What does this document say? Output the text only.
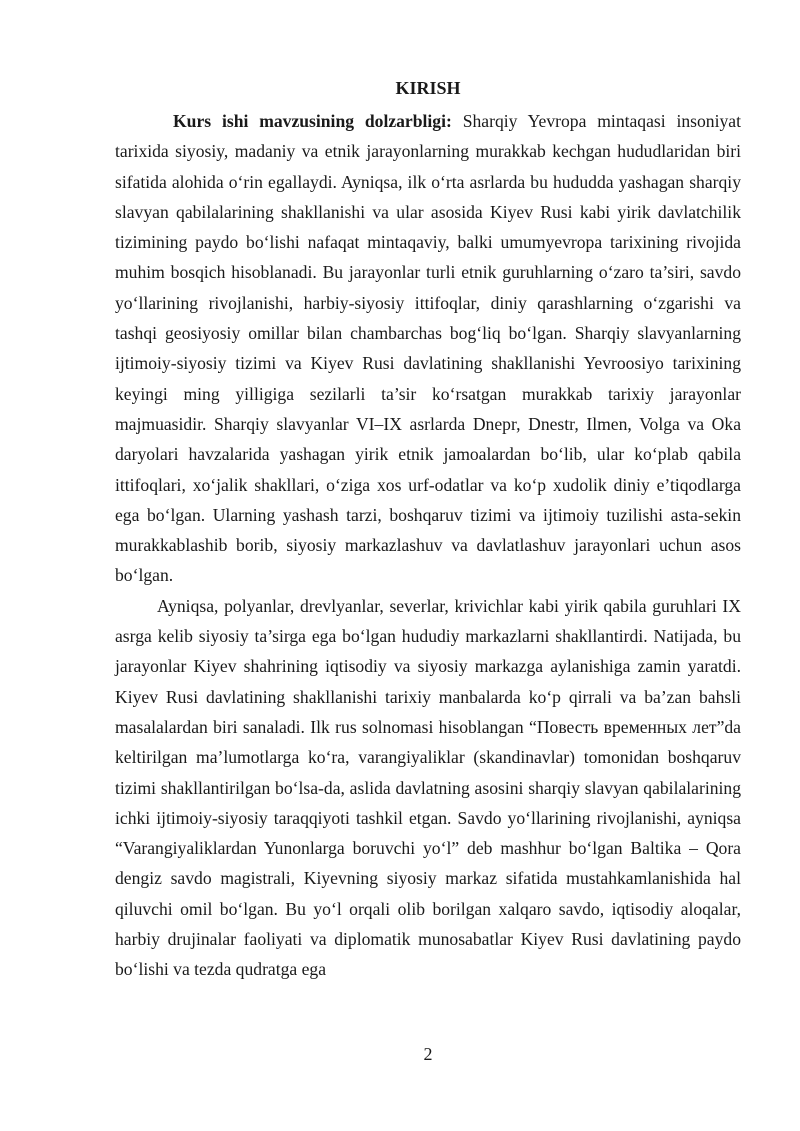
KIRISH

Kurs ishi mavzusining dolzarbligi: Sharqiy Yevropa mintaqasi insoniyat tarixida siyosiy, madaniy va etnik jarayonlarning murakkab kechgan hududlaridan biri sifatida alohida o‘rin egallaydi. Ayniqsa, ilk o‘rta asrlarda bu hududda yashagan sharqiy slavyan qabilalarining shakllanishi va ular asosida Kiyev Rusi kabi yirik davlatchilik tizimining paydo bo‘lishi nafaqat mintaqaviy, balki umumyevropa tarixining rivojida muhim bosqich hisoblanadi. Bu jarayonlar turli etnik guruhlarning o‘zaro ta’siri, savdo yo‘llarining rivojlanishi, harbiy-siyosiy ittifoqlar, diniy qarashlarning o‘zgarishi va tashqi geosiyosiy omillar bilan chambarchas bog‘liq bo‘lgan. Sharqiy slavyanlarning ijtimoiy-siyosiy tizimi va Kiyev Rusi davlatining shakllanishi Yevroosiyo tarixining keyingi ming yilligiga sezilarli ta’sir ko‘rsatgan murakkab tarixiy jarayonlar majmuasidir. Sharqiy slavyanlar VI–IX asrlarda Dnepr, Dnestr, Ilmen, Volga va Oka daryolari havzalarida yashagan yirik etnik jamoalardan bo‘lib, ular ko‘plab qabila ittifoqlari, xo‘jalik shakllari, o‘ziga xos urf-odatlar va ko‘p xudolik diniy e’tiqodlarga ega bo‘lgan. Ularning yashash tarzi, boshqaruv tizimi va ijtimoiy tuzilishi asta-sekin murakkablashib borib, siyosiy markazlashuv va davlatlashuv jarayonlari uchun asos bo‘lgan.

Ayniqsa, polyanlar, drevlyanlar, severlar, krivichlar kabi yirik qabila guruhlari IX asrga kelib siyosiy ta’sirga ega bo‘lgan hududiy markazlarni shakllantirdi. Natijada, bu jarayonlar Kiyev shahrining iqtisodiy va siyosiy markazga aylanishiga zamin yaratdi. Kiyev Rusi davlatining shakllanishi tarixiy manbalarda ko‘p qirrali va ba’zan bahsli masalalardan biri sanaladi. Ilk rus solnomasi hisoblangan “Повесть временных лет”da keltirilgan ma’lumotlarga ko‘ra, varangiyaliklar (skandinavlar) tomonidan boshqaruv tizimi shakllantirilgan bo‘lsa-da, aslida davlatning asosini sharqiy slavyan qabilalarining ichki ijtimoiy-siyosiy taraqqiyoti tashkil etgan. Savdo yo‘llarining rivojlanishi, ayniqsa “Varangiyaliklardan Yunonlarga boruvchi yo‘l” deb mashhur bo‘lgan Baltika – Qora dengiz savdo magistrali, Kiyevning siyosiy markaz sifatida mustahkamlanishida hal qiluvchi omil bo‘lgan. Bu yo‘l orqali olib borilgan xalqaro savdo, iqtisodiy aloqalar, harbiy drujinalar faoliyati va diplomatik munosabatlar Kiyev Rusi davlatining paydo bo‘lishi va tezda qudratga ega

2
